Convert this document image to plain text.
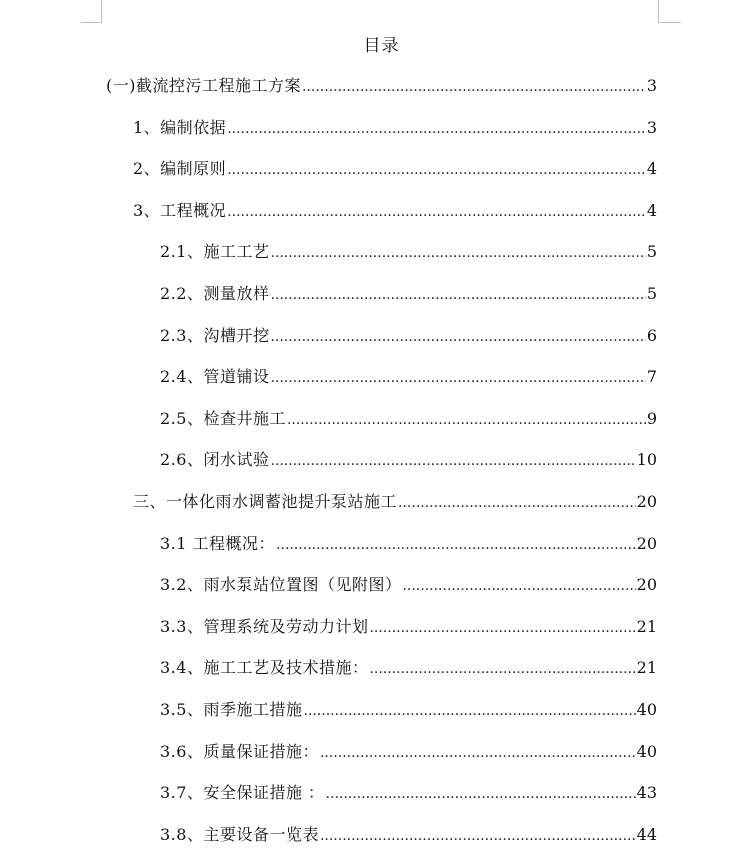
目录
(一)截流控污工程施工方案 .....	3
1、编制依据 .....	3
2、编制原则 .....	4
3、工程概况 .....	4
2.1、施工工艺 .....	5
2.2、测量放样 .....	5
2.3、沟槽开挖 .....	6
2.4、管道铺设 .....	7
2.5、检查井施工 .....	9
2.6、闭水试验 .....	10
三、一体化雨水调蓄池提升泵站施工 .....	20
3.1 工程概况： .....	20
3.2、雨水泵站位置图（见附图） .....	20
3.3、管理系统及劳动力计划 .....	21
3.4、施工工艺及技术措施： .....	21
3.5、雨季施工措施 .....	40
3.6、质量保证措施： .....	40
3.7、安全保证措施 ： .....	43
3.8、主要设备一览表 .....	44
